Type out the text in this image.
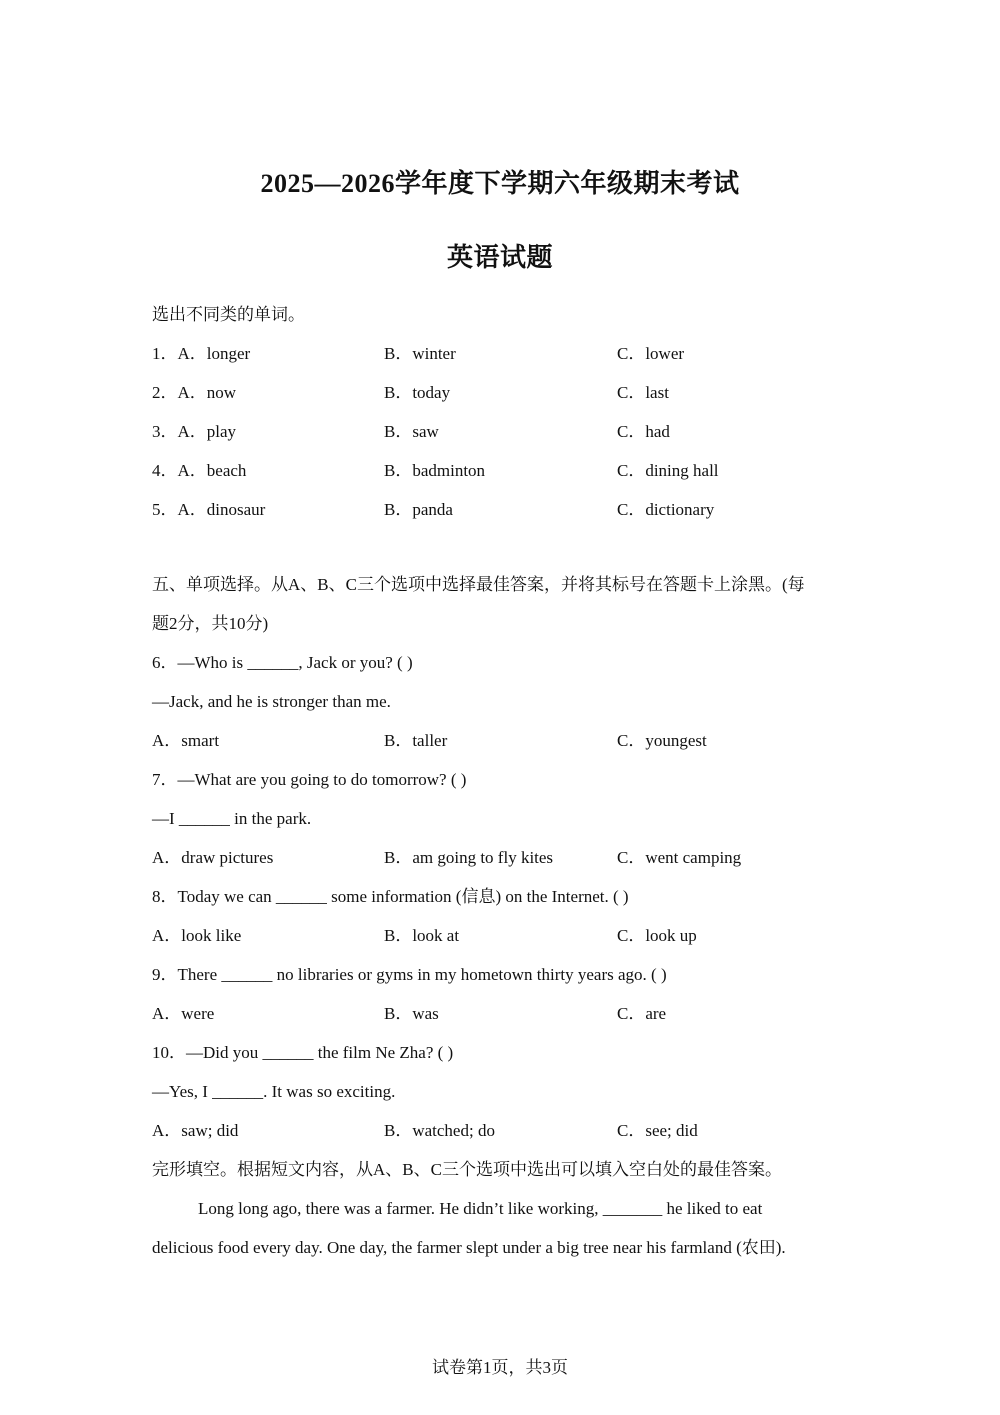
2025—2026学年度下学期六年级期末考试
英语试题
选出不同类的单词。
1．A．longer	B．winter	C．lower
2．A．now	B．today	C．last
3．A．play	B．saw	C．had
4．A．beach	B．badminton	C．dining hall
5．A．dinosaur	B．panda	C．dictionary
五、单项选择。从A、B、C三个选项中选择最佳答案，并将其标号在答题卡上涂黑。(每
题2分，共10分)
6．—Who is ______, Jack or you? ( )
—Jack, and he is stronger than me.
A．smart	B．taller	C．youngest
7．—What are you going to do tomorrow? ( )
—I ______ in the park.
A．draw pictures	B．am going to fly kites	C．went camping
8．Today we can ______ some information (信息) on the Internet. ( )
A．look like	B．look at	C．look up
9．There ______ no libraries or gyms in my hometown thirty years ago. ( )
A．were	B．was	C．are
10．—Did you ______ the film Ne Zha? ( )
—Yes, I ______. It was so exciting.
A．saw; did	B．watched; do	C．see; did
完形填空。根据短文内容，从A、B、C三个选项中选出可以填入空白处的最佳答案。
Long long ago, there was a farmer. He didn’t like working, _______ he liked to eat
delicious food every day. One day, the farmer slept under a big tree near his farmland (农田).
试卷第1页，共3页
